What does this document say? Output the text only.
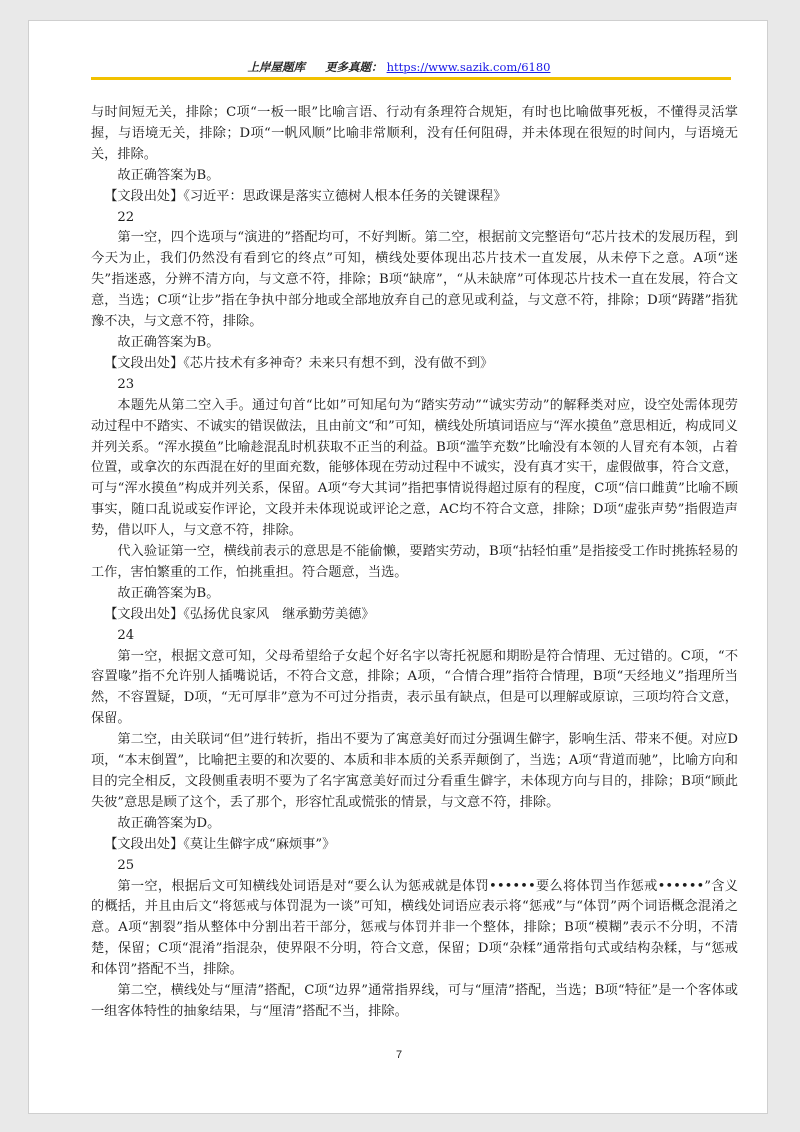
上岸屋题库 更多真题： https://www.sazik.com/6180

与时间短无关，排除；C项“一板一眼”比喻言语、行动有条理符合规矩，有时也比喻做事死板，不懂得灵活掌握，与语境无关，排除；D项“一帆风顺”比喻非常顺利，没有任何阻碍，并未体现在很短的时间内，与语境无关，排除。

故正确答案为B。

【文段出处】《习近平：思政课是落实立德树人根本任务的关键课程》

22

第一空，四个选项与“演进的”搭配均可，不好判断。第二空，根据前文完整语句“芯片技术的发展历程，到今天为止，我们仍然没有看到它的终点”可知，横线处要体现出芯片技术一直发展，从未停下之意。A项“迷失”指迷惑，分辨不清方向，与文意不符，排除；B项“缺席”，“从未缺席”可体现芯片技术一直在发展，符合文意，当选；C项“让步”指在争执中部分地或全部地放弃自己的意见或利益，与文意不符，排除；D项“踌躇”指犹豫不决，与文意不符，排除。

故正确答案为B。

【文段出处】《芯片技术有多神奇？未来只有想不到，没有做不到》

23

本题先从第二空入手。通过句首“比如”可知尾句为“踏实劳动”“诚实劳动”的解释类对应，设空处需体现劳动过程中不踏实、不诚实的错误做法，且由前文“和”可知，横线处所填词语应与“浑水摸鱼”意思相近，构成同义并列关系。“浑水摸鱼”比喻趁混乱时机获取不正当的利益。B项“滥竽充数”比喻没有本领的人冒充有本领，占着位置，或拿次的东西混在好的里面充数，能够体现在劳动过程中不诚实，没有真才实干，虚假做事，符合文意，可与“浑水摸鱼”构成并列关系，保留。A项“夸大其词”指把事情说得超过原有的程度，C项“信口雌黄”比喻不顾事实，随口乱说或妄作评论，文段并未体现说或评论之意，AC均不符合文意，排除；D项“虚张声势”指假造声势，借以吓人，与文意不符，排除。

代入验证第一空，横线前表示的意思是不能偷懒，要踏实劳动，B项“拈轻怕重”是指接受工作时挑拣轻易的工作，害怕繁重的工作，怕挑重担。符合题意，当选。

故正确答案为B。

【文段出处】《弘扬优良家风　继承勤劳美德》

24

第一空，根据文意可知，父母希望给子女起个好名字以寄托祝愿和期盼是符合情理、无过错的。C项，“不容置喙”指不允许别人插嘴说话，不符合文意，排除；A项，“合情合理”指符合情理，B项“天经地义”指理所当然，不容置疑，D项，“无可厚非”意为不可过分指责，表示虽有缺点，但是可以理解或原谅，三项均符合文意，保留。

第二空，由关联词“但”进行转折，指出不要为了寓意美好而过分强调生僻字，影响生活、带来不便。对应D项，“本末倒置”，比喻把主要的和次要的、本质和非本质的关系弄颠倒了，当选；A项“背道而驰”，比喻方向和目的完全相反，文段侧重表明不要为了名字寓意美好而过分看重生僻字，未体现方向与目的，排除；B项“顾此失彼”意思是顾了这个，丢了那个，形容忙乱或慌张的情景，与文意不符，排除。

故正确答案为D。

【文段出处】《莫让生僻字成“麻烦事”》

25

第一空，根据后文可知横线处词语是对“要么认为惩戒就是体罚••••••要么将体罚当作惩戒••••••”含义的概括，并且由后文“将惩戒与体罚混为一谈”可知，横线处词语应表示将“惩戒”与“体罚”两个词语概念混淆之意。A项“割裂”指从整体中分割出若干部分，惩戒与体罚并非一个整体，排除；B项“模糊”表示不分明，不清楚，保留；C项“混淆”指混杂，使界限不分明，符合文意，保留；D项“杂糅”通常指句式或结构杂糅，与“惩戒和体罚”搭配不当，排除。

第二空，横线处与“厘清”搭配，C项“边界”通常指界线，可与“厘清”搭配，当选；B项“特征”是一个客体或一组客体特性的抽象结果，与“厘清”搭配不当，排除。

7
